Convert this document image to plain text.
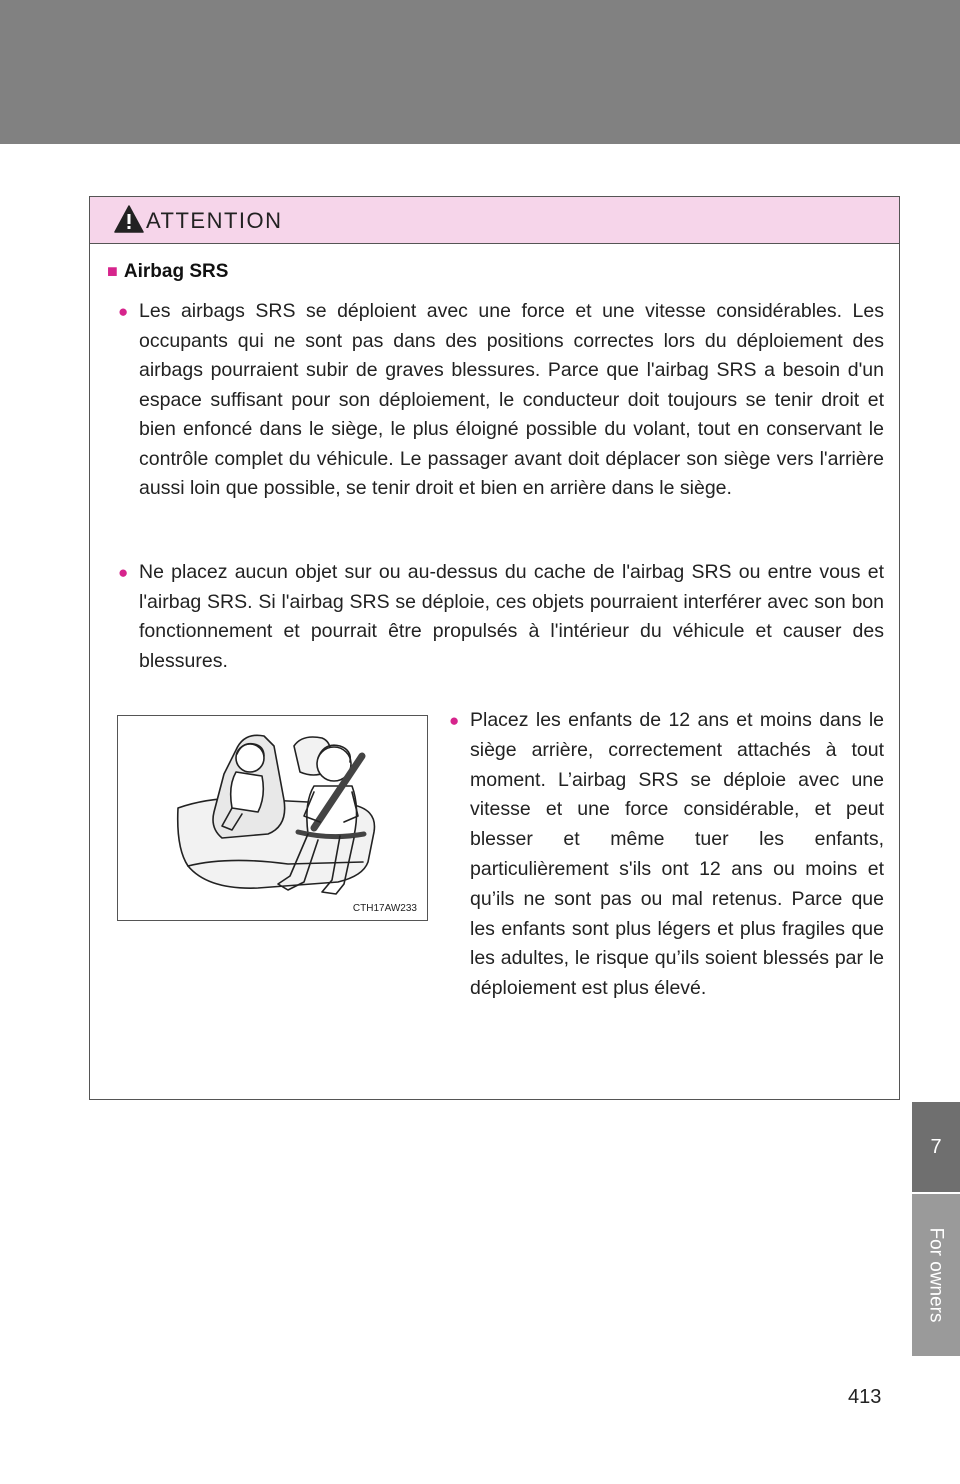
7
For owners
ATTENTION
■ Airbag SRS
● Les airbags SRS se déploient avec une force et une vitesse considérables. Les occupants qui ne sont pas dans des positions correctes lors du déploiement des airbags pourraient subir de graves blessures. Parce que l'airbag SRS a besoin d'un espace suffisant pour son déploiement, le conducteur doit toujours se tenir droit et bien enfoncé dans le siège, le plus éloigné possible du volant, tout en conservant le contrôle complet du véhicule. Le passager avant doit déplacer son siège vers l'arrière aussi loin que possible, se tenir droit et bien en arrière dans le siège.
● Ne placez aucun objet sur ou au-dessus du cache de l'airbag SRS ou entre vous et l'airbag SRS. Si l'airbag SRS se déploie, ces objets pourraient interférer avec son bon fonctionnement et pourrait être propulsés à l'intérieur du véhicule et causer des blessures.
CTH17AW233
● Placez les enfants de 12 ans et moins dans le siège arrière, correctement attachés à tout moment. L’airbag SRS se déploie avec une vitesse et une force considérable, et peut blesser et même tuer les enfants, particulièrement s'ils ont 12 ans ou moins et qu’ils ne sont pas ou mal retenus. Parce que les enfants sont plus légers et plus fragiles que les adultes, le risque qu’ils soient blessés par le déploiement est plus élevé.
413
